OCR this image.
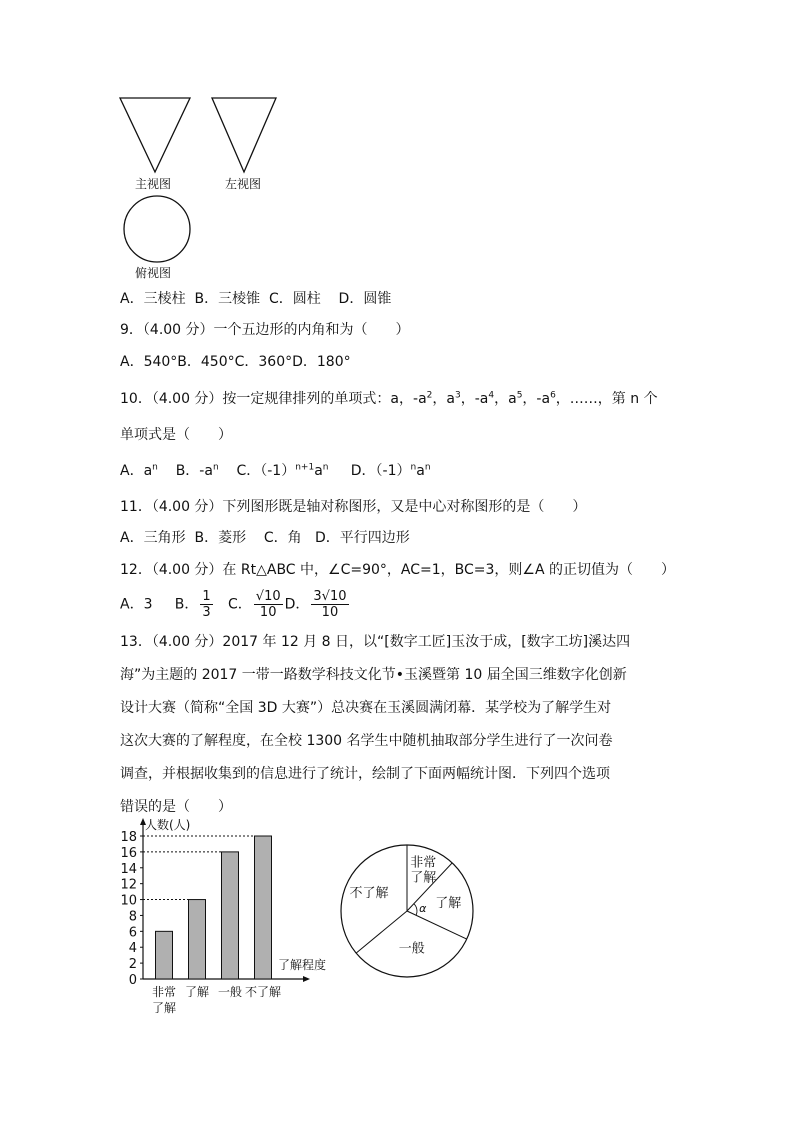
主视图	左视图
俯视图
A．三棱柱  B．三棱锥  C．圆柱    D．圆锥
9．（4.00 分）一个五边形的内角和为（　　）
A．540°B．450°C．360°D．180°
10．（4.00 分）按一定规律排列的单项式：a，$-a^2$，$a^3$，$-a^4$，$a^5$，$-a^6$，……，第 n 个
单项式是（　　）
A．$a^n$ B．$-a^n$ C．$(-1)^{n+1}a^n$ D．$(-1)^na^n$
11．（4.00 分）下列图形既是轴对称图形，又是中心对称图形的是（　　）
A．三角形  B．菱形    C．角   D．平行四边形
12．（4.00 分）在 Rt△ABC 中，∠C=90°，AC=1，BC=3，则∠A 的正切值为（　　）
A．3 B． $\frac{1}{3}$ C． $\frac{√10}{10}$ D． $\frac{3√10}{10}$
13．（4.00 分）2017 年 12 月 8 日，以“[数字工匠]玉汝于成，[数字工坊]溪达四
海”为主题的 2017 一带一路数学科技文化节•玉溪暨第 10 届全国三维数字化创新
设计大赛（简称“全国 3D 大赛”）总决赛在玉溪圆满闭幕．某学校为了解学生对
这次大赛的了解程度，在全校 1300 名学生中随机抽取部分学生进行了一次问卷
调查，并根据收集到的信息进行了统计，绘制了下面两幅统计图．下列四个选项
错误的是（　　）
人数(人)
了解程度
0
2
4
6
8
10
12
14
16
18
非常
了解
了解 一般 不了解
非常
了解
了解
一般
不了解
α
